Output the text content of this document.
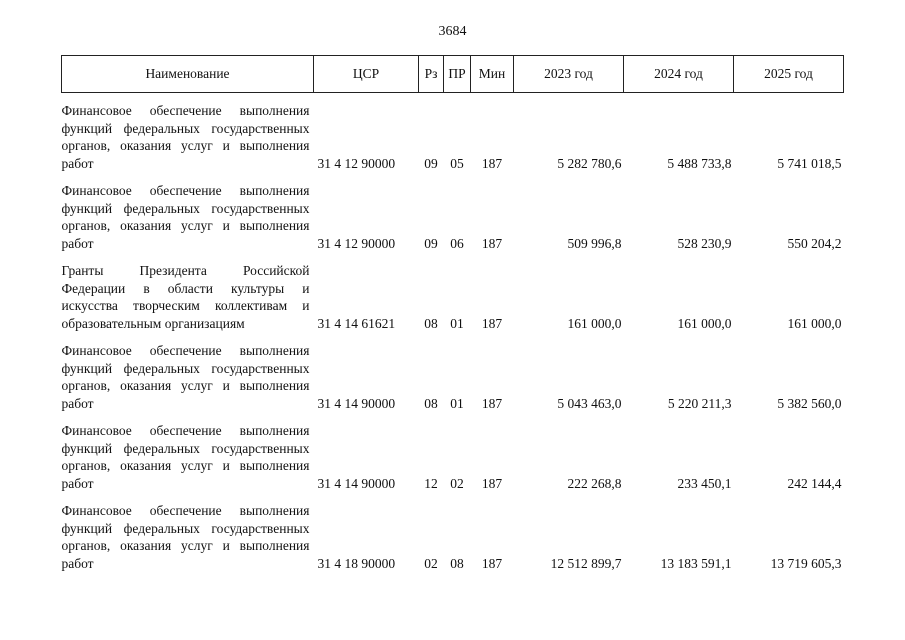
3684
Наименование	ЦСР	Рз	ПР	Мин	2023 год	2024 год	2025 год
Финансовое обеспечение выполнения функций федеральных государственных органов, оказания услуг и выполнения работ	31 4 12 90000	09	05	187	5 282 780,6	5 488 733,8	5 741 018,5
Финансовое обеспечение выполнения функций федеральных государственных органов, оказания услуг и выполнения работ	31 4 12 90000	09	06	187	509 996,8	528 230,9	550 204,2
Гранты Президента Российской Федерации в области культуры и искусства творческим коллективам и образовательным организациям	31 4 14 61621	08	01	187	161 000,0	161 000,0	161 000,0
Финансовое обеспечение выполнения функций федеральных государственных органов, оказания услуг и выполнения работ	31 4 14 90000	08	01	187	5 043 463,0	5 220 211,3	5 382 560,0
Финансовое обеспечение выполнения функций федеральных государственных органов, оказания услуг и выполнения работ	31 4 14 90000	12	02	187	222 268,8	233 450,1	242 144,4
Финансовое обеспечение выполнения функций федеральных государственных органов, оказания услуг и выполнения работ	31 4 18 90000	02	08	187	12 512 899,7	13 183 591,1	13 719 605,3
